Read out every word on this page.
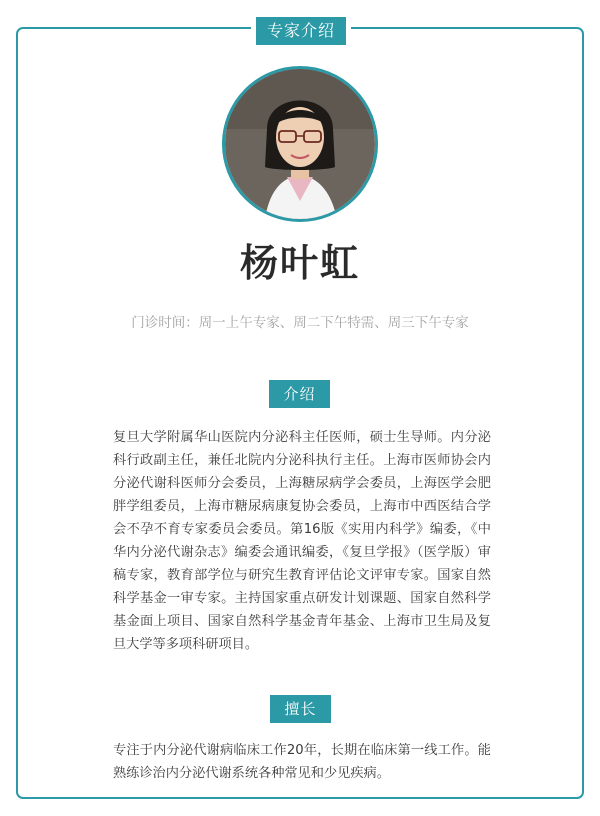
专家介绍
杨叶虹
门诊时间：周一上午专家、周二下午特需、周三下午专家
介绍
复旦大学附属华山医院内分泌科主任医师，硕士生导师。内分泌科行政副主任，兼任北院内分泌科执行主任。上海市医师协会内分泌代谢科医师分会委员，上海糖尿病学会委员，上海医学会肥胖学组委员，上海市糖尿病康复协会委员，上海市中西医结合学会不孕不育专家委员会委员。第16版《实用内科学》编委，《中华内分泌代谢杂志》编委会通讯编委，《复旦学报》（医学版）审稿专家，教育部学位与研究生教育评估论文评审专家。国家自然科学基金一审专家。主持国家重点研发计划课题、国家自然科学基金面上项目、国家自然科学基金青年基金、上海市卫生局及复旦大学等多项科研项目。
擅长
专注于内分泌代谢病临床工作20年，长期在临床第一线工作。能熟练诊治内分泌代谢系统各种常见和少见疾病。
